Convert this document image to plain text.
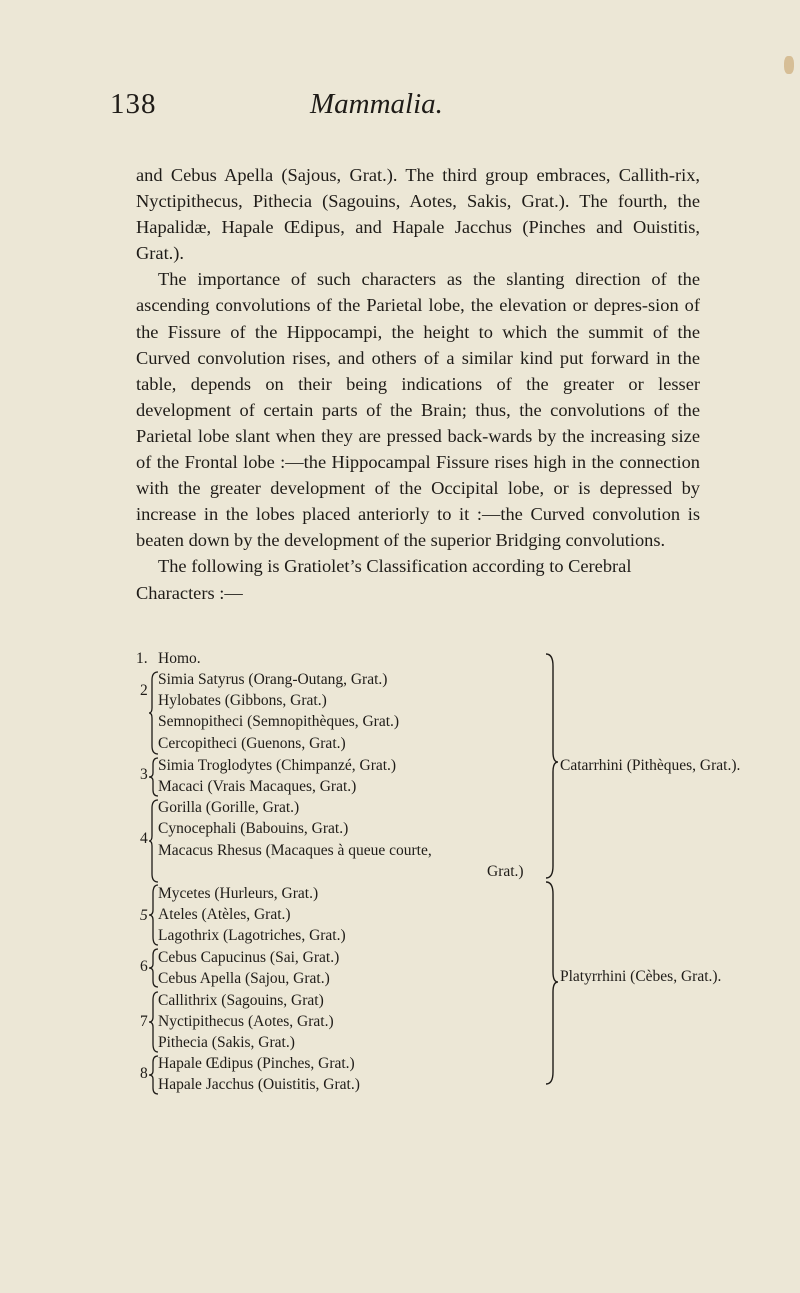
138	Mammalia.

and Cebus Apella (Sajous, Grat.). The third group embraces, Callith-rix, Nyctipithecus, Pithecia (Sagouins, Aotes, Sakis, Grat.). The fourth, the Hapalidæ, Hapale Œdipus, and Hapale Jacchus (Pinches and Ouistitis, Grat.).

The importance of such characters as the slanting direction of the ascending convolutions of the Parietal lobe, the elevation or depres-sion of the Fissure of the Hippocampi, the height to which the summit of the Curved convolution rises, and others of a similar kind put forward in the table, depends on their being indications of the greater or lesser development of certain parts of the Brain; thus, the convolutions of the Parietal lobe slant when they are pressed back-wards by the increasing size of the Frontal lobe :—the Hippocampal Fissure rises high in the connection with the greater development of the Occipital lobe, or is depressed by increase in the lobes placed anteriorly to it :—the Curved convolution is beaten down by the development of the superior Bridging convolutions.

The following is Gratiolet’s Classification according to Cerebral Characters :—

1. Homo.
2
Simia Satyrus (Orang-Outang, Grat.)
Hylobates (Gibbons, Grat.)
Semnopitheci (Semnopithèques, Grat.)
Cercopitheci (Guenons, Grat.)
3
Simia Troglodytes (Chimpanzé, Grat.)
Macaci (Vrais Macaques, Grat.)
4
Gorilla (Gorille, Grat.)
Cynocephali (Babouins, Grat.)
Macacus Rhesus (Macaques à queue courte,
Grat.)
Catarrhini (Pithèques, Grat.).
5
Mycetes (Hurleurs, Grat.)
Ateles (Atèles, Grat.)
Lagothrix (Lagotriches, Grat.)
6
Cebus Capucinus (Sai, Grat.)
Cebus Apella (Sajou, Grat.)
7
Callithrix (Sagouins, Grat)
Nyctipithecus (Aotes, Grat.)
Pithecia (Sakis, Grat.)
8
Hapale Œdipus (Pinches, Grat.)
Hapale Jacchus (Ouistitis, Grat.)
Platyrrhini (Cèbes, Grat.).
